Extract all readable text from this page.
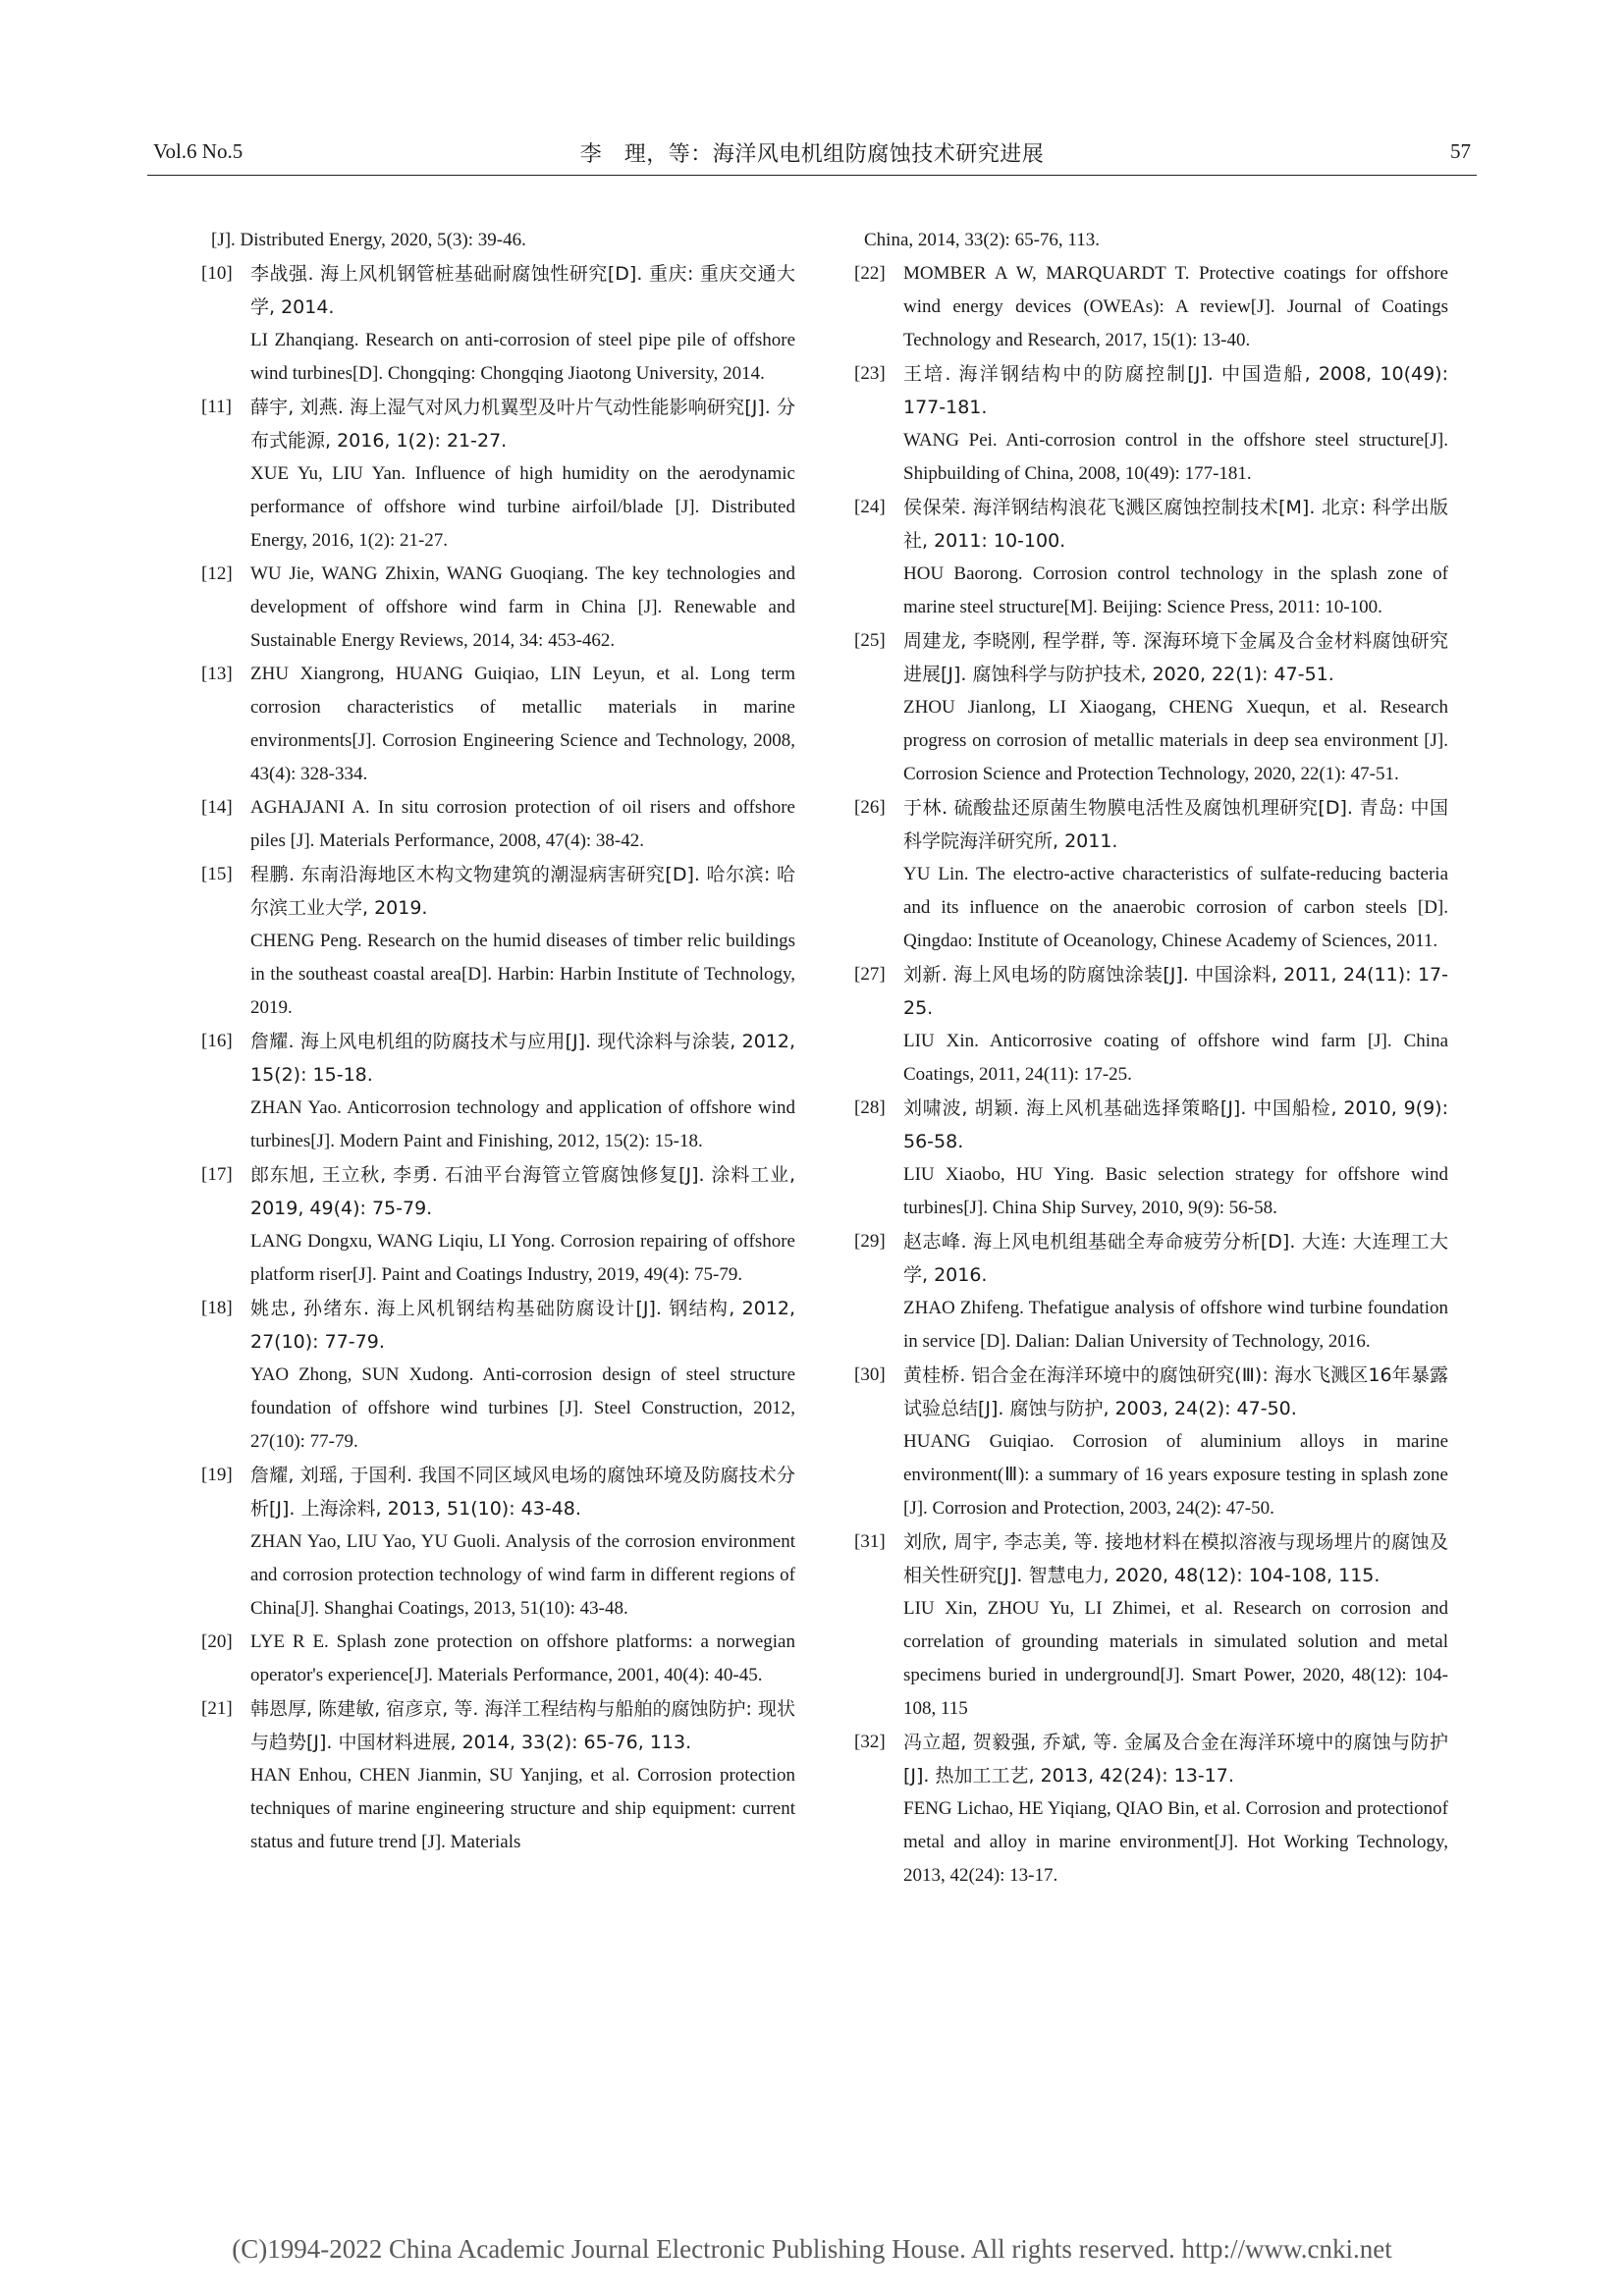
Vol.6 No.5	李　理，等：海洋风电机组防腐蚀技术研究进展	57
[J]. Distributed Energy, 2020, 5(3): 39-46.
[10] 李战强. 海上风机钢管桩基础耐腐蚀性研究[D]. 重庆: 重庆交通大学, 2014.
LI Zhanqiang. Research on anti-corrosion of steel pipe pile of offshore wind turbines[D]. Chongqing: Chongqing Jiaotong University, 2014.
[11] 薛宇, 刘燕. 海上湿气对风力机翼型及叶片气动性能影响研究[J]. 分布式能源, 2016, 1(2): 21-27.
XUE Yu, LIU Yan. Influence of high humidity on the aerodynamic performance of offshore wind turbine airfoil/blade [J]. Distributed Energy, 2016, 1(2): 21-27.
[12] WU Jie, WANG Zhixin, WANG Guoqiang. The key technologies and development of offshore wind farm in China [J]. Renewable and Sustainable Energy Reviews, 2014, 34: 453-462.
[13] ZHU Xiangrong, HUANG Guiqiao, LIN Leyun, et al. Long term corrosion characteristics of metallic materials in marine environments[J]. Corrosion Engineering Science and Technology, 2008, 43(4): 328-334.
[14] AGHAJANI A. In situ corrosion protection of oil risers and offshore piles [J]. Materials Performance, 2008, 47(4): 38-42.
[15] 程鹏. 东南沿海地区木构文物建筑的潮湿病害研究[D]. 哈尔滨: 哈尔滨工业大学, 2019.
CHENG Peng. Research on the humid diseases of timber relic buildings in the southeast coastal area[D]. Harbin: Harbin Institute of Technology, 2019.
[16] 詹耀. 海上风电机组的防腐技术与应用[J]. 现代涂料与涂装, 2012, 15(2): 15-18.
ZHAN Yao. Anticorrosion technology and application of offshore wind turbines[J]. Modern Paint and Finishing, 2012, 15(2): 15-18.
[17] 郎东旭, 王立秋, 李勇. 石油平台海管立管腐蚀修复[J]. 涂料工业, 2019, 49(4): 75-79.
LANG Dongxu, WANG Liqiu, LI Yong. Corrosion repairing of offshore platform riser[J]. Paint and Coatings Industry, 2019, 49(4): 75-79.
[18] 姚忠, 孙绪东. 海上风机钢结构基础防腐设计[J]. 钢结构, 2012, 27(10): 77-79.
YAO Zhong, SUN Xudong. Anti-corrosion design of steel structure foundation of offshore wind turbines [J]. Steel Construction, 2012, 27(10): 77-79.
[19] 詹耀, 刘瑶, 于国利. 我国不同区域风电场的腐蚀环境及防腐技术分析[J]. 上海涂料, 2013, 51(10): 43-48.
ZHAN Yao, LIU Yao, YU Guoli. Analysis of the corrosion environment and corrosion protection technology of wind farm in different regions of China[J]. Shanghai Coatings, 2013, 51(10): 43-48.
[20] LYE R E. Splash zone protection on offshore platforms: a norwegian operator's experience[J]. Materials Performance, 2001, 40(4): 40-45.
[21] 韩恩厚, 陈建敏, 宿彦京, 等. 海洋工程结构与船舶的腐蚀防护: 现状与趋势[J]. 中国材料进展, 2014, 33(2): 65-76, 113.
HAN Enhou, CHEN Jianmin, SU Yanjing, et al. Corrosion protection techniques of marine engineering structure and ship equipment: current status and future trend [J]. Materials
China, 2014, 33(2): 65-76, 113.
[22] MOMBER A W, MARQUARDT T. Protective coatings for offshore wind energy devices (OWEAs): A review[J]. Journal of Coatings Technology and Research, 2017, 15(1): 13-40.
[23] 王培. 海洋钢结构中的防腐控制[J]. 中国造船, 2008, 10(49): 177-181.
WANG Pei. Anti-corrosion control in the offshore steel structure[J]. Shipbuilding of China, 2008, 10(49): 177-181.
[24] 侯保荣. 海洋钢结构浪花飞溅区腐蚀控制技术[M]. 北京: 科学出版社, 2011: 10-100.
HOU Baorong. Corrosion control technology in the splash zone of marine steel structure[M]. Beijing: Science Press, 2011: 10-100.
[25] 周建龙, 李晓刚, 程学群, 等. 深海环境下金属及合金材料腐蚀研究进展[J]. 腐蚀科学与防护技术, 2020, 22(1): 47-51.
ZHOU Jianlong, LI Xiaogang, CHENG Xuequn, et al. Research progress on corrosion of metallic materials in deep sea environment [J]. Corrosion Science and Protection Technology, 2020, 22(1): 47-51.
[26] 于林. 硫酸盐还原菌生物膜电活性及腐蚀机理研究[D]. 青岛: 中国科学院海洋研究所, 2011.
YU Lin. The electro-active characteristics of sulfate-reducing bacteria and its influence on the anaerobic corrosion of carbon steels [D]. Qingdao: Institute of Oceanology, Chinese Academy of Sciences, 2011.
[27] 刘新. 海上风电场的防腐蚀涂装[J]. 中国涂料, 2011, 24(11): 17-25.
LIU Xin. Anticorrosive coating of offshore wind farm [J]. China Coatings, 2011, 24(11): 17-25.
[28] 刘啸波, 胡颖. 海上风机基础选择策略[J]. 中国船检, 2010, 9(9): 56-58.
LIU Xiaobo, HU Ying. Basic selection strategy for offshore wind turbines[J]. China Ship Survey, 2010, 9(9): 56-58.
[29] 赵志峰. 海上风电机组基础全寿命疲劳分析[D]. 大连: 大连理工大学, 2016.
ZHAO Zhifeng. Thefatigue analysis of offshore wind turbine foundation in service [D]. Dalian: Dalian University of Technology, 2016.
[30] 黄桂桥. 铝合金在海洋环境中的腐蚀研究(Ⅲ): 海水飞溅区16年暴露试验总结[J]. 腐蚀与防护, 2003, 24(2): 47-50.
HUANG Guiqiao. Corrosion of aluminium alloys in marine environment(Ⅲ): a summary of 16 years exposure testing in splash zone [J]. Corrosion and Protection, 2003, 24(2): 47-50.
[31] 刘欣, 周宇, 李志美, 等. 接地材料在模拟溶液与现场埋片的腐蚀及相关性研究[J]. 智慧电力, 2020, 48(12): 104-108, 115.
LIU Xin, ZHOU Yu, LI Zhimei, et al. Research on corrosion and correlation of grounding materials in simulated solution and metal specimens buried in underground[J]. Smart Power, 2020, 48(12): 104-108, 115
[32] 冯立超, 贺毅强, 乔斌, 等. 金属及合金在海洋环境中的腐蚀与防护[J]. 热加工工艺, 2013, 42(24): 13-17.
FENG Lichao, HE Yiqiang, QIAO Bin, et al. Corrosion and protectionof metal and alloy in marine environment[J]. Hot Working Technology, 2013, 42(24): 13-17.
(C)1994-2022 China Academic Journal Electronic Publishing House. All rights reserved. http://www.cnki.net
